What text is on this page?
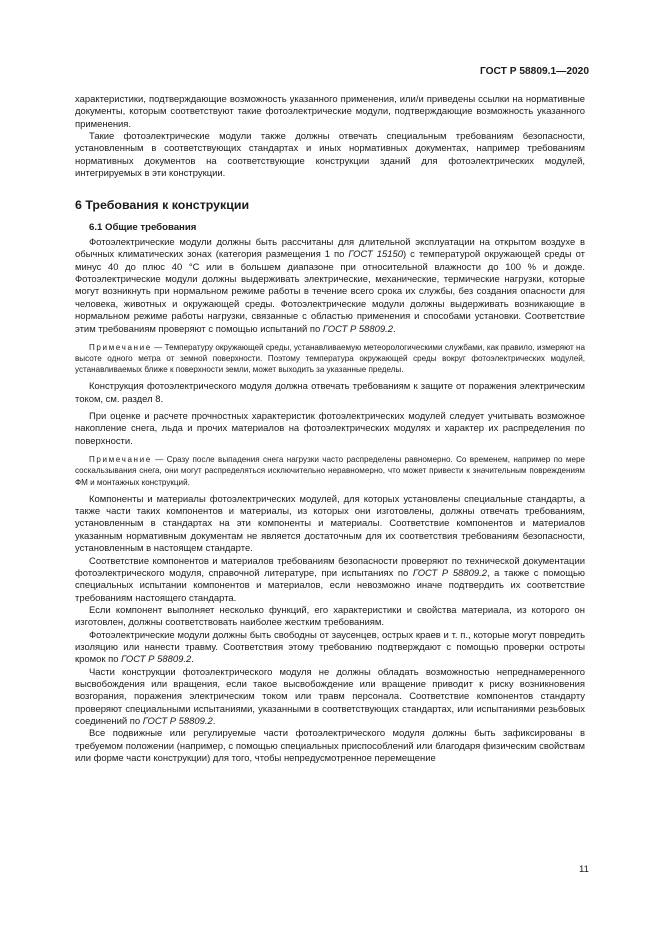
ГОСТ Р 58809.1—2020

характеристики, подтверждающие возможность указанного применения, или/и приведены ссылки на нормативные документы, которым соответствуют такие фотоэлектрические модули, подтверждающие возможность указанного применения.

Такие фотоэлектрические модули также должны отвечать специальным требованиям безопасности, установленным в соответствующих стандартах и иных нормативных документах, например требованиям нормативных документов на соответствующие конструкции зданий для фотоэлектрических модулей, интегрируемых в эти конструкции.

6 Требования к конструкции
6.1 Общие требования

Фотоэлектрические модули должны быть рассчитаны для длительной эксплуатации на открытом воздухе в обычных климатических зонах (категория размещения 1 по ГОСТ 15150) с температурой окружающей среды от минус 40 до плюс 40 °С или в большем диапазоне при относительной влажности до 100 % и дожде. Фотоэлектрические модули должны выдерживать электрические, механические, термические нагрузки, которые могут возникнуть при нормальном режиме работы в течение всего срока их службы, без создания опасности для человека, животных и окружающей среды. Фотоэлектрические модули должны выдерживать возникающие в нормальном режиме работы нагрузки, связанные с областью применения и способами установки. Соответствие этим требованиям проверяют с помощью испытаний по ГОСТ Р 58809.2.

Примечание — Температуру окружающей среды, устанавливаемую метеорологическими службами, как правило, измеряют на высоте одного метра от земной поверхности. Поэтому температура окружающей среды вокруг фотоэлектрических модулей, устанавливаемых ближе к поверхности земли, может выходить за указанные пределы.

Конструкция фотоэлектрического модуля должна отвечать требованиям к защите от поражения электрическим током, см. раздел 8.

При оценке и расчете прочностных характеристик фотоэлектрических модулей следует учитывать возможное накопление снега, льда и прочих материалов на фотоэлектрических модулях и характер их распределения по поверхности.

Примечание — Сразу после выпадения снега нагрузки часто распределены равномерно. Со временем, например по мере соскальзывания снега, они могут распределяться исключительно неравномерно, что может привести к значительным повреждениям ФМ и монтажных конструкций.

Компоненты и материалы фотоэлектрических модулей, для которых установлены специальные стандарты, а также части таких компонентов и материалы, из которых они изготовлены, должны отвечать требованиям, установленным в стандартах на эти компоненты и материалы. Соответствие компонентов и материалов указанным нормативным документам не является достаточным для их соответствия требованиям безопасности, установленным в настоящем стандарте.

Соответствие компонентов и материалов требованиям безопасности проверяют по технической документации фотоэлектрического модуля, справочной литературе, при испытаниях по ГОСТ Р 58809.2, а также с помощью специальных испытании компонентов и материалов, если невозможно иначе подтвердить их соответствие требованиям настоящего стандарта.

Если компонент выполняет несколько функций, его характеристики и свойства материала, из которого он изготовлен, должны соответствовать наиболее жестким требованиям.

Фотоэлектрические модули должны быть свободны от заусенцев, острых краев и т. п., которые могут повредить изоляцию или нанести травму. Соответствия этому требованию подтверждают с помощью проверки остроты кромок по ГОСТ Р 58809.2.

Части конструкции фотоэлектрического модуля не должны обладать возможностью непреднамеренного высвобождения или вращения, если такое высвобождение или вращение приводит к риску возникновения возгорания, поражения электрическим током или травм персонала. Соответствие компонентов стандарту проверяют специальными испытаниями, указанными в соответствующих стандартах, или испытаниями резьбовых соединений по ГОСТ Р 58809.2.

Все подвижные или регулируемые части фотоэлектрического модуля должны быть зафиксированы в требуемом положении (например, с помощью специальных приспособлений или благодаря физическим свойствам или форме части конструкции) для того, чтобы непредусмотренное перемещение

11
